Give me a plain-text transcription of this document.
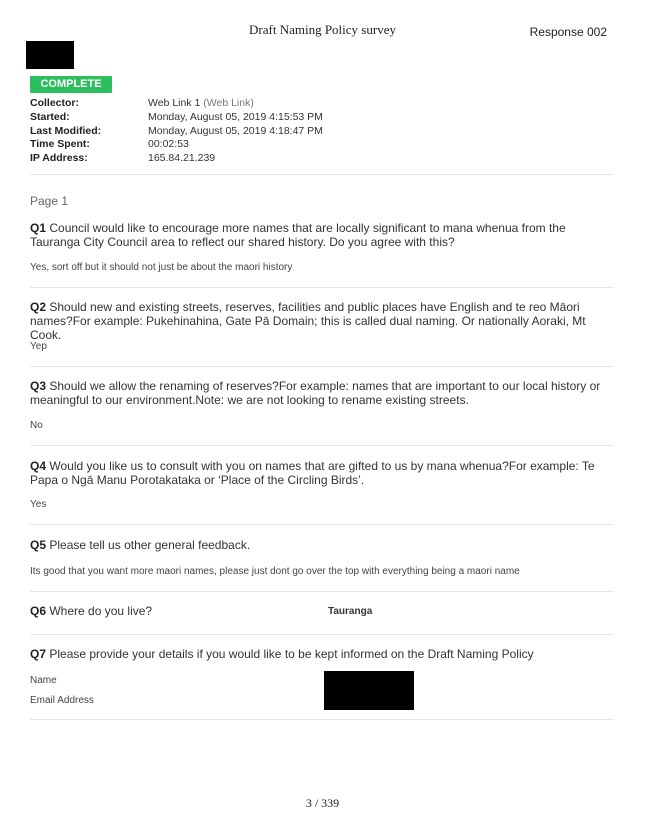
Draft Naming Policy survey	Response 002
COMPLETE
Collector:	Web Link 1 (Web Link)
Started:	Monday, August 05, 2019 4:15:53 PM
Last Modified:	Monday, August 05, 2019 4:18:47 PM
Time Spent:	00:02:53
IP Address:	165.84.21.239
Page 1
Q1 Council would like to encourage more names that are locally significant to mana whenua from the Tauranga City Council area to reflect our shared history. Do you agree with this?
Yes, sort off but it should not just be about the maori history
Q2 Should new and existing streets, reserves, facilities and public places have English and te reo Māori names?For example: Pukehinahina, Gate Pā Domain; this is called dual naming. Or nationally Aoraki, Mt Cook.
Yep
Q3 Should we allow the renaming of reserves?For example: names that are important to our local history or meaningful to our environment.Note: we are not looking to rename existing streets.
No
Q4 Would you like us to consult with you on names that are gifted to us by mana whenua?For example: Te Papa o Ngā Manu Porotakataka or ‘Place of the Circling Birds’.
Yes
Q5 Please tell us other general feedback.
Its good that you want more maori names, please just dont go over the top with everything being a maori name
Q6 Where do you live?	Tauranga
Q7 Please provide your details if you would like to be kept informed on the Draft Naming Policy
Name
Email Address
3 / 339
